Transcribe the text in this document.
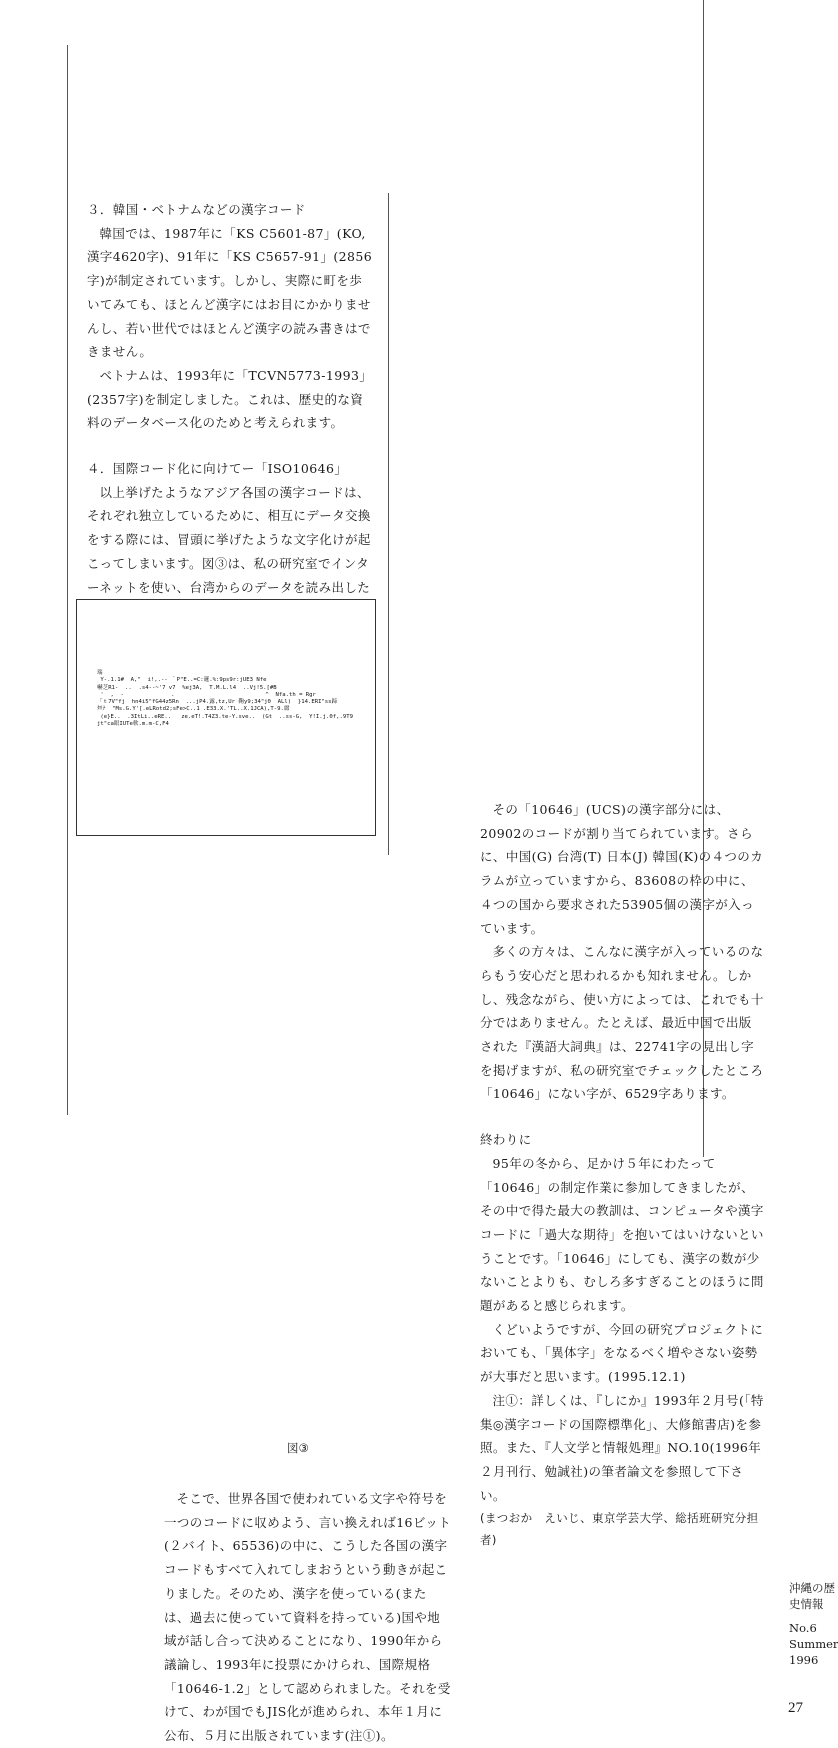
３．韓国・ベトナムなどの漢字コード

韓国では、1987年に「KS C5601-87」(KO,漢字4620字)、91年に「KS C5657-91」(2856字)が制定されています。しかし、実際に町を歩いてみても、ほとんど漢字にはお目にかかりませんし、若い世代ではほとんど漢字の読み書きはできません。

ベトナムは、1993年に「TCVN5773-1993」(2357字)を制定しました。これは、歴史的な資料のデータベース化のためと考えられます。

４．国際コード化に向けてー「ISO10646」

以上挙げたようなアジア各国の漢字コードは、それぞれ独立しているために、相互にデータ交換をする際には、冒頭に挙げたような文字化けが起こってしまいます。図③は、私の研究室でインターネットを使い、台湾からのデータを読み出した

瑞
Y-.1.1#  A,"  i!,.-- ｀P"E..=C:邏.%:9ps9r:jUE3 Nfe
嚇芝R1-  ..  .s4--~'7 v7  %ej3A,  T.M.L.l4  ..Vj!5.[#B
'  ,  -              .                           ^  Nfa.th = Rgr
「ｔ7V"fj  hn4i5"fG44z5Rn  ...jP4.露,tz,Ur 鞠y9;34"j0  ALl)  }14.ERI"ss蹄
ﾀﾘﾅ  "Ms.G.Y'[.eLRotd2;sFe>C..1 .E33.X.'TL..X.1JCA),T-9.綴
(e}E..  .3ItLi..eRE..   ze.eT!.T4Z3.te-Y.sve..  (Gt  ..ss-G,  Y!I.j.0f,.9T9
jt"ca眼IUTe軟.m.m-C,F4

図③

そこで、世界各国で使われている文字や符号を一つのコードに収めよう、言い換えれば16ビット(２バイト、65536)の中に、こうした各国の漢字コードもすべて入れてしまおうという動きが起こりました。そのため、漢字を使っている(または、過去に使っていて資料を持っている)国や地域が話し合って決めることになり、1990年から議論し、1993年に投票にかけられ、国際規格「10646-1.2」として認められました。それを受けて、わが国でもJIS化が進められ、本年１月に公布、５月に出版されています(注①)。

その「10646」(UCS)の漢字部分には、20902のコードが割り当てられています。さらに、中国(G) 台湾(T) 日本(J) 韓国(K)の４つのカラムが立っていますから、83608の枠の中に、４つの国から要求された53905個の漢字が入っています。

多くの方々は、こんなに漢字が入っているのならもう安心だと思われるかも知れません。しかし、残念ながら、使い方によっては、これでも十分ではありません。たとえば、最近中国で出版された『漢語大詞典』は、22741字の見出し字を掲げますが、私の研究室でチェックしたところ「10646」にない字が、6529字あります。

終わりに

95年の冬から、足かけ５年にわたって「10646」の制定作業に参加してきましたが、その中で得た最大の教訓は、コンピュータや漢字コードに「過大な期待」を抱いてはいけないということです。「10646」にしても、漢字の数が少ないことよりも、むしろ多すぎることのほうに問題があると感じられます。

くどいようですが、今回の研究プロジェクトにおいても、「異体字」をなるべく増やさない姿勢が大事だと思います。(1995.12.1)

注①：詳しくは、『しにか』1993年２月号(「特集◎漢字コードの国際標準化」、大修館書店)を参照。また、『人文学と情報処理』NO.10(1996年２月刊行、勉誠社)の筆者論文を参照して下さい。

(まつおか　えいじ、東京学芸大学、総括班研究分担者)

沖縄の歴史情報
No.6
Summer
1996
27
